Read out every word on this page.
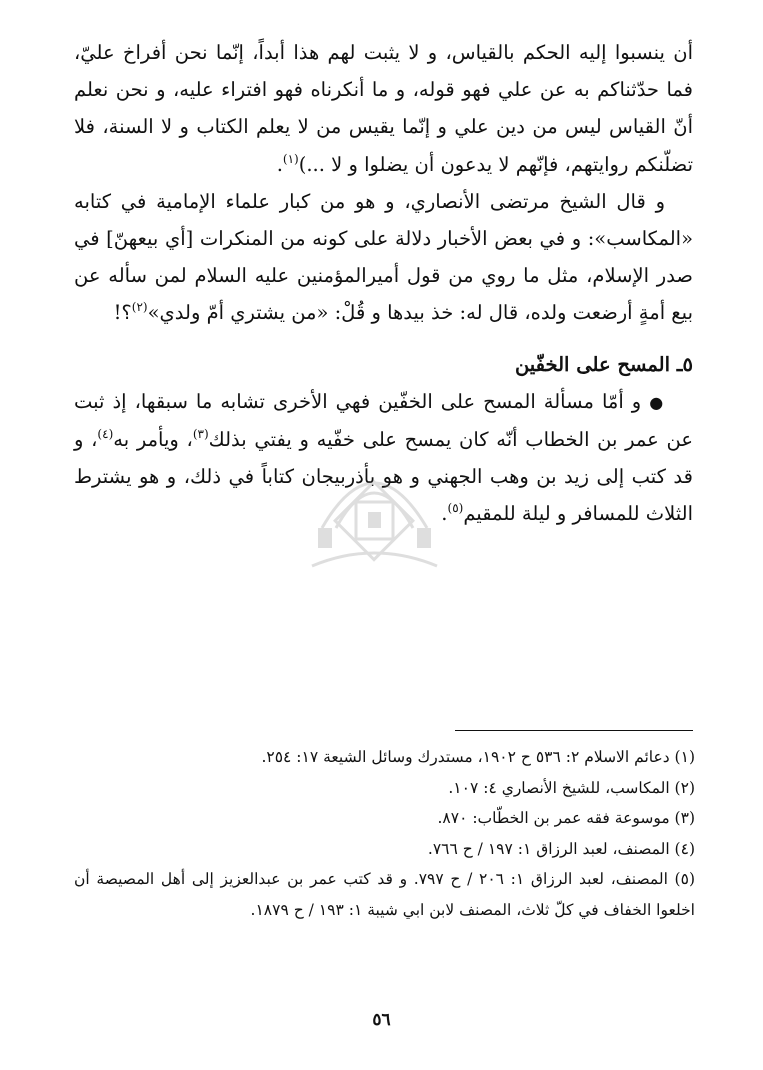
أن ينسبوا إليه الحكم بالقياس، و لا يثبت لهم هذا أبداً، إنّما نحن أفراخ عليّ، فما حدّثناكم به عن علي فهو قوله، و ما أنكرناه فهو افتراء عليه، و نحن نعلم أنّ القياس ليس من دين علي و إنّما يقيس من لا يعلم الكتاب و لا السنة، فلا تضلّنكم روايتهم، فإنّهم لا يدعون أن يضلوا و لا ...)$^{(١)}$.

و قال الشيخ مرتضى الأنصاري، و هو من كبار علماء الإمامية في كتابه «المكاسب»: و في بعض الأخبار دلالة على كونه من المنكرات [أي بيعهنّ] في صدر الإسلام، مثل ما روي من قول أميرالمؤمنين عليه السلام لمن سأله عن بيع أمةٍ أرضعت ولده، قال له: خذ بيدها و قُلْ: «من يشتري أمّ ولدي»$^{(٢)}$؟!

٥ـ المسح على الخفّين

●و أمّا مسألة المسح على الخفّين فهي الأخرى تشابه ما سبقها، إذ ثبت عن عمر بن الخطاب أنّه كان يمسح على خفّيه و يفتي بذلك$^{(٣)}$، ويأمر به$^{(٤)}$، و قد كتب إلى زيد بن وهب الجهني و هو بأذربيجان كتاباً في ذلك، و هو يشترط الثلاث للمسافر و ليلة للمقيم$^{(٥)}$.

(١) دعائم الاسلام ٢: ٥٣٦ ح ١٩٠٢، مستدرك وسائل الشيعة ١٧: ٢٥٤.

(٢) المكاسب، للشيخ الأنصاري ٤: ١٠٧.

(٣) موسوعة فقه عمر بن الخطّاب: ٨٧٠.

(٤) المصنف، لعبد الرزاق ١: ١٩٧ / ح ٧٦٦.

(٥) المصنف، لعبد الرزاق ١: ٢٠٦ / ح ٧٩٧. و قد كتب عمر بن عبدالعزيز إلى أهل المصيصة أن اخلعوا الخفاف في كلّ ثلاث، المصنف لابن ابي شيبة ١: ١٩٣ / ح ١٨٧٩.

٥٦
